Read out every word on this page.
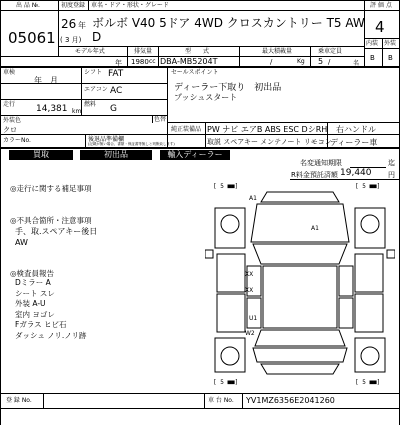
出 品 №.	初度登録 車名・ドア・形状・グレード	評 価 点
05061
26 年
( 3 月)
ボルボ V40 5ドア 4WD クロスカントリー T5 AW
D
4
内装 外装
B B
モデル年式
年
排気量
1980 cc
型　　式
DBA-MB5204T
最大積載量
/	Kg
乗車定員
5 /	名
車検
年　月
シフト FAT
エアコン AC
走行 14,381 km
燃料 G
外装色
クロ
色替
カラーNo.
セールスポイント
ディーラー下取り　初出品
プッシュスタート
純正装備品 PW ナビ エアB ABS ESC DシRH 右ハンドル
後退品準備欄
(記載が無い場合、書類・保証書等無しと判断致します)	取説 スペアキー メンテノート リモコン
ディーラー車
買取	初出品	輸入ディーラー
名変通知期限	迄
R料金預託済額 19,440 円
◎走行に関する補足事項
◎不具合箇所・注意事項
手、取.スペアキー後日
AW
◎検査員報告
Dミラー A
シート スレ
外装 A-U
室内 ヨゴレ
Fガラス ヒビ石
ダッシュ ノリ.ノリ跡
[ 5 ■■]	[ 5 ■■]
[ 5 ■■]	[ 5 ■■]
A1
A1
XX
XX
U1
W2
登 録 No.	車 台 No. YV1MZ6356E2041260
